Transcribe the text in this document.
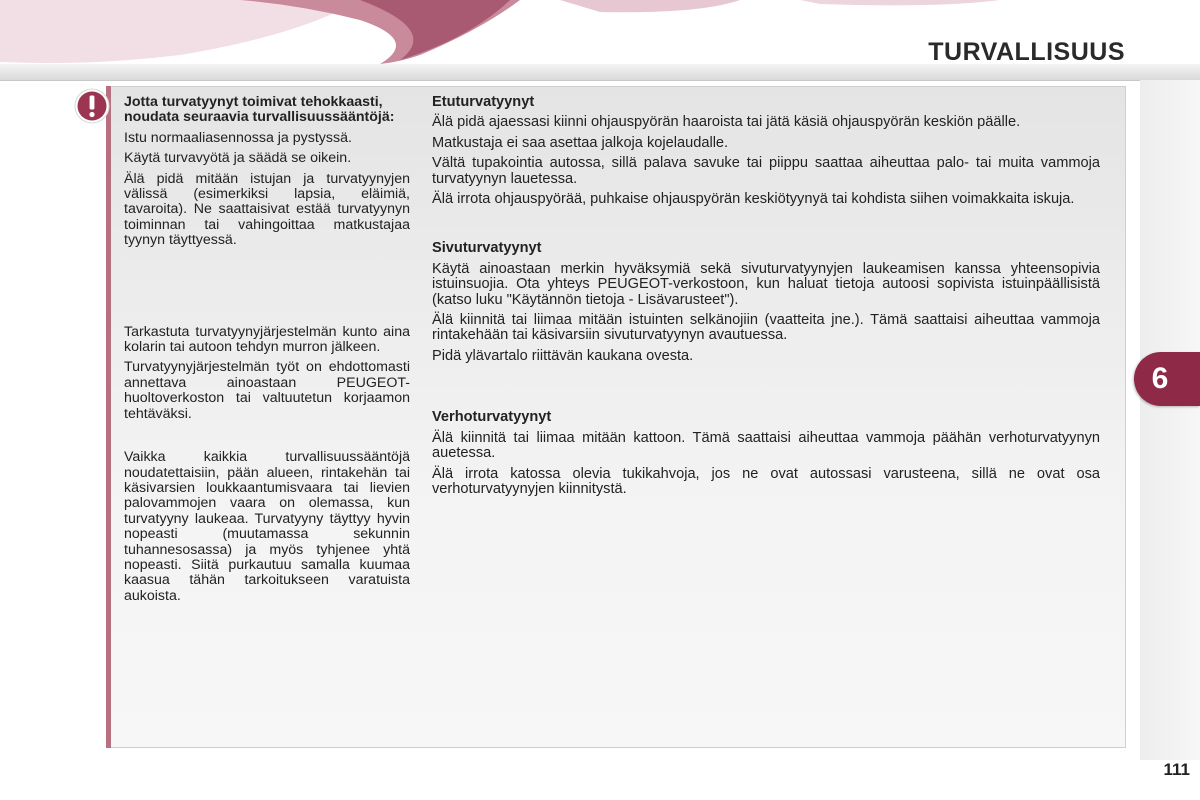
TURVALLISUUS
6

Jotta turvatyynyt toimivat tehokkaasti, noudata seuraavia turvallisuussääntöjä:

Istu normaaliasennossa ja pystyssä.

Käytä turvavyötä ja säädä se oikein.

Älä pidä mitään istujan ja turvatyynyjen välissä (esimerkiksi lapsia, eläimiä, tavaroita). Ne saattaisivat estää turvatyynyn toiminnan tai vahingoittaa matkustajaa tyynyn täyttyessä.

Tarkastuta turvatyynyjärjestelmän kunto aina kolarin tai autoon tehdyn murron jälkeen.

Turvatyynyjärjestelmän työt on ehdottomasti annettava ainoastaan PEUGEOT-huoltoverkoston tai valtuutetun korjaamon tehtäväksi.

Vaikka kaikkia turvallisuussääntöjä noudatettaisiin, pään alueen, rintakehän tai käsivarsien loukkaantumisvaara tai lievien palovammojen vaara on olemassa, kun turvatyyny laukeaa. Turvatyyny täyttyy hyvin nopeasti (muutamassa sekunnin tuhannesosassa) ja myös tyhjenee yhtä nopeasti. Siitä purkautuu samalla kuumaa kaasua tähän tarkoitukseen varatuista aukoista.

Etuturvatyynyt

Älä pidä ajaessasi kiinni ohjauspyörän haaroista tai jätä käsiä ohjauspyörän keskiön päälle.

Matkustaja ei saa asettaa jalkoja kojelaudalle.

Vältä tupakointia autossa, sillä palava savuke tai piippu saattaa aiheuttaa palo- tai muita vammoja turvatyynyn lauetessa.

Älä irrota ohjauspyörää, puhkaise ohjauspyörän keskiötyynyä tai kohdista siihen voimakkaita iskuja.

Sivuturvatyynyt

Käytä ainoastaan merkin hyväksymiä sekä sivuturvatyynyjen laukeamisen kanssa yhteensopivia istuinsuojia. Ota yhteys PEUGEOT-verkostoon, kun haluat tietoja autoosi sopivista istuinpäällisistä (katso luku "Käytännön tietoja - Lisävarusteet").

Älä kiinnitä tai liimaa mitään istuinten selkänojiin (vaatteita jne.). Tämä saattaisi aiheuttaa vammoja rintakehään tai käsivarsiin sivuturvatyynyn avautuessa.

Pidä ylävartalo riittävän kaukana ovesta.

Verhoturvatyynyt

Älä kiinnitä tai liimaa mitään kattoon. Tämä saattaisi aiheuttaa vammoja päähän verhoturvatyynyn auetessa.

Älä irrota katossa olevia tukikahvoja, jos ne ovat autossasi varusteena, sillä ne ovat osa verhoturvatyynyjen kiinnitystä.

111
